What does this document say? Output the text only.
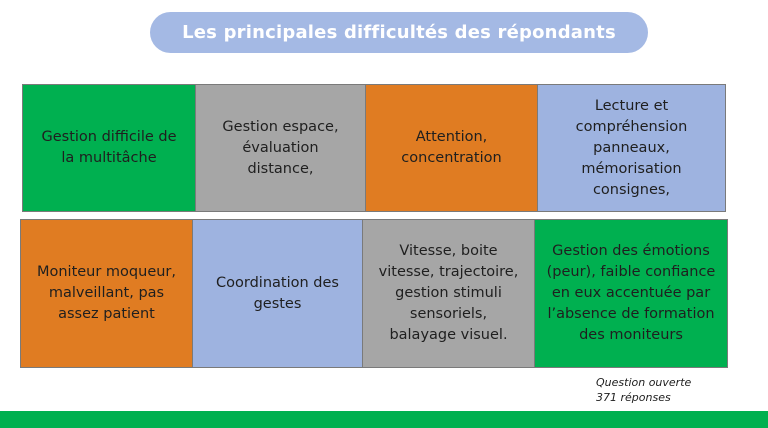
Les principales difficultés des répondants
Gestion difficile de
la multitâche
Gestion espace,
évaluation
distance,
Attention,
concentration
Lecture et
compréhension
panneaux,
mémorisation
consignes,
Moniteur moqueur,
malveillant, pas
assez patient
Coordination des
gestes
Vitesse, boite
vitesse, trajectoire,
gestion stimuli
sensoriels,
balayage visuel.
Gestion des émotions
(peur), faible confiance
en eux accentuée par
l’absence de formation
des moniteurs
Question ouverte
371 réponses
